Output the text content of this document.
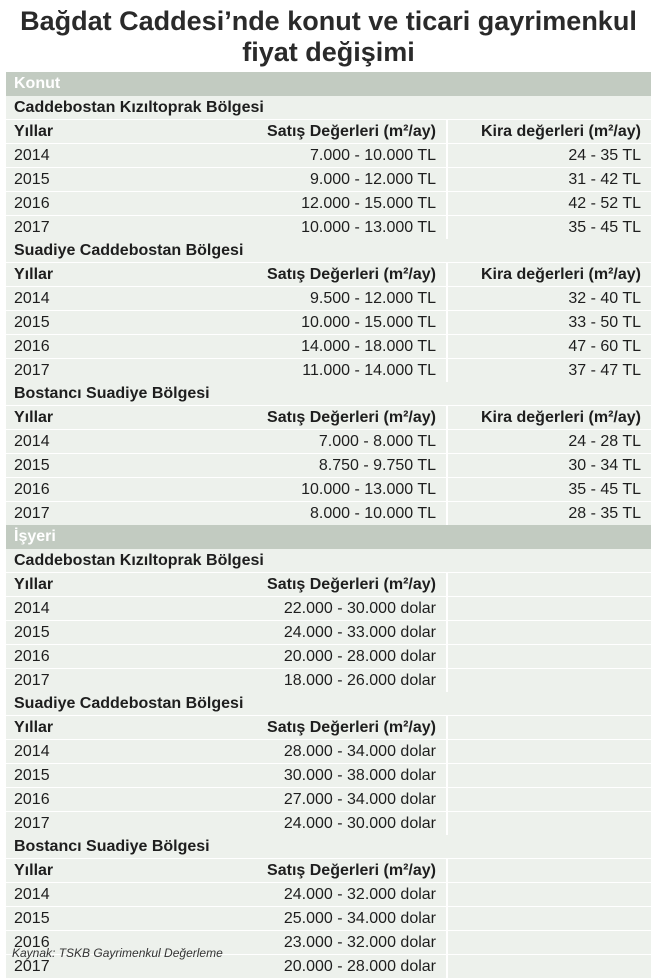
Bağdat Caddesi’nde konut ve ticari gayrimenkul
fiyat değişimi
Konut
Caddebostan Kızıltoprak Bölgesi
Yıllar	Satış Değerleri (m²/ay)	Kira değerleri (m²/ay)
2014	7.000 - 10.000 TL	24 - 35 TL
2015	9.000 - 12.000 TL	31 - 42 TL
2016	12.000 - 15.000 TL	42 - 52 TL
2017	10.000 - 13.000 TL	35 - 45 TL
Suadiye Caddebostan Bölgesi
Yıllar	Satış Değerleri (m²/ay)	Kira değerleri (m²/ay)
2014	9.500 - 12.000 TL	32 - 40 TL
2015	10.000 - 15.000 TL	33 - 50 TL
2016	14.000 - 18.000 TL	47 - 60 TL
2017	11.000 - 14.000 TL	37 - 47 TL
Bostancı Suadiye Bölgesi
Yıllar	Satış Değerleri (m²/ay)	Kira değerleri (m²/ay)
2014	7.000 - 8.000 TL	24 - 28 TL
2015	8.750 - 9.750 TL	30 - 34 TL
2016	10.000 - 13.000 TL	35 - 45 TL
2017	8.000 - 10.000 TL	28 - 35 TL
İşyeri
Caddebostan Kızıltoprak Bölgesi
Yıllar	Satış Değerleri (m²/ay)
2014	22.000 - 30.000 dolar
2015	24.000 - 33.000 dolar
2016	20.000 - 28.000 dolar
2017	18.000 - 26.000 dolar
Suadiye Caddebostan Bölgesi
Yıllar	Satış Değerleri (m²/ay)
2014	28.000 - 34.000 dolar
2015	30.000 - 38.000 dolar
2016	27.000 - 34.000 dolar
2017	24.000 - 30.000 dolar
Bostancı Suadiye Bölgesi
Yıllar	Satış Değerleri (m²/ay)
2014	24.000 - 32.000 dolar
2015	25.000 - 34.000 dolar
2016	23.000 - 32.000 dolar
2017	20.000 - 28.000 dolar
Kaynak: TSKB Gayrimenkul Değerleme
